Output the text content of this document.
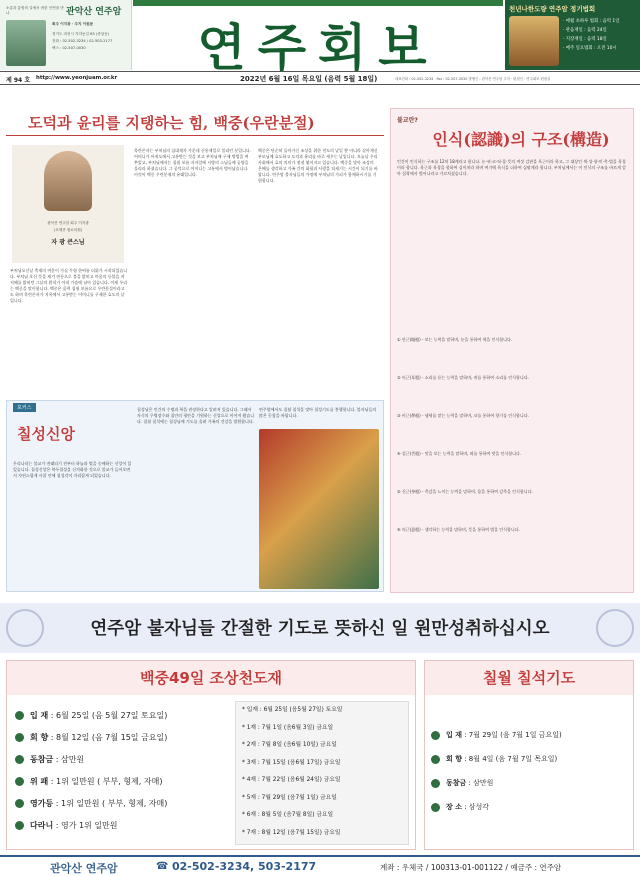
소통과 통합의 길에서 귀한 인연을 만나	관악산 연주암
회주 이지광 · 주지 이원문
경기도 과천시 자하동길 63 (중앙동)
전화 : 02-502-3234 / 02-503-2177
팩스 : 02-507-0030	연주회보
천년나한도량 연주암 정기법회
· 매월 초하루 법회 : 음력 1일
· 관음재일 : 음력 24일
· 지장재일 : 음력 18일
· 매주 일요법회 : 오전 10시
제 94 호 http://www.yeonjuam.or.kr	2022년 6월 16일 목요일 (음력 5월 18일)	대표전화 : 02-502-3234 · Fax : 02-507-0030 발행인 : 관악산 연주암 주지 · 편집인 : 연주회보 편집실
도덕과 윤리를 지탱하는 힘, 백중(우란분절)
관악산 연주암 회주 이지광
(조계종 원로의원)
자 광 큰스님
부처님오신날 축제의 여운이 가실 무렵 한여름 더위가 시작되었습니다. 부처님 오신 뜻을 새겨 연등으로 불을 밝히고 마음의 등불을 켜 지혜를 밝히던 그날의 환희가 아직 가슴에 남아 있습니다. 이제 우리는 백중을 맞이합니다. 백중은 음력 칠월 보름으로 우란분절이라고도 하며 목련존자가 지옥에서 고통받는 어머니를 구제한 효도의 날입니다.
목련존자는 부처님의 십대제자 가운데 신통제일로 불리던 분입니다. 어머니가 아귀도에서 고통받는 것을 보고 부처님께 구제 방법을 여쭈었고, 부처님께서는 칠월 보름 자자일에 시방의 스님들께 공양을 올리라 하셨습니다. 그 공덕으로 어머니는 고통에서 벗어났습니다. 이것이 백중 우란분재의 유래입니다.
백중은 단순히 돌아가신 조상을 위한 천도의 날일 뿐 아니라 살아계신 부모님께 효도하고 도덕과 윤리를 바로 세우는 날입니다. 오늘날 우리 사회에서 효의 의미가 점점 옅어지고 있습니다. 백중을 맞아 조상의 은혜를 생각하고 가족 간의 화합과 사랑을 되새기는 시간이 되기를 바랍니다. 연주암 불자님들의 가정에 부처님의 가피가 함께하시기를 기원합니다.
불교란?
인식(認識)의 구조(構造)
인간이 인식하는 구조를 12처 18계라고 합니다. 눈·귀·코·혀·몸·뜻의 여섯 감관을 육근이라 하고, 그 대상인 색·성·향·미·촉·법을 육경이라 합니다. 육근과 육경을 합하여 십이처라 하며 여기에 육식을 더하여 십팔계라 합니다. 부처님께서는 이 인식의 구조를 바르게 알아 집착에서 벗어나라고 가르치셨습니다.
① 안근(眼根) - 보는 능력을 말하며, 눈을 통하여 색을 인식합니다.
② 이근(耳根) - 소리를 듣는 능력을 말하며, 귀를 통하여 소리를 인식합니다.
③ 비근(鼻根) - 냄새를 맡는 능력을 말하며, 코를 통하여 향기를 인식합니다.
④ 설근(舌根) - 맛을 보는 능력을 말하며, 혀를 통하여 맛을 인식합니다.
⑤ 신근(身根) - 촉감을 느끼는 능력을 말하며, 몸을 통하여 감촉을 인식합니다.
⑥ 의근(意根) - 생각하는 능력을 말하며, 뜻을 통하여 법을 인식합니다.
포커스
칠성신앙
우리나라는 불교가 전래되기 전부터 하늘과 별을 숭배하는 신앙이 있었습니다. 칠성신앙은 북두칠성을 신격화한 것으로 불교가 들어오면서 자연스럽게 사찰 안에 칠성각이 자리잡게 되었습니다.
칠성님은 인간의 수명과 복을 관장한다고 알려져 있습니다. 그래서 자식의 무병장수와 집안의 평안을 기원하는 신앙으로 이어져 왔습니다. 칠월 칠석에는 칠성님께 기도를 올려 가족의 건강을 발원합니다.
연주암에서도 칠월 칠석을 맞아 칠성기도를 봉행합니다. 불자님들의 많은 동참을 바랍니다.
연주암 불자님들 간절한 기도로 뜻하신 일 원만성취하십시오
백중49일 조상천도재
입 재 : 6월 25일 (음 5월 27일 토요일)
회 향 : 8월 12일 (음 7월 15일 금요일)
동참금 : 삼만원
위 패 : 1위 일만원 ( 부부, 형제, 자매)
영가등 : 1위 일만원 ( 부부, 형제, 자매)
다라니 : 영가 1위 일만원
* 입재 : 6월 25일 (음5월 27일) 토요일
* 1재 : 7월 1일 (음6월 3일) 금요일
* 2재 : 7월 8일 (음6월 10일) 금요일
* 3재 : 7월 15일 (음6월 17일) 금요일
* 4재 : 7월 22일 (음6월 24일) 금요일
* 5재 : 7월 29일 (음7월 1일) 금요일
* 6재 : 8월 5일 (음7월 8일) 금요일
* 7재 : 8월 12일 (음7월 15일) 금요일
칠월 칠석기도
입 재 : 7월 29일 (음 7월 1일 금요일)
회 향 : 8월 4일 (음 7월 7일 목요일)
동참금 : 삼만원
장 소 : 삼성각
관악산 연주암	☎ 02-502-3234, 503-2177	계좌 : 우체국 / 100313-01-001122 / 예금주 : 연주암
